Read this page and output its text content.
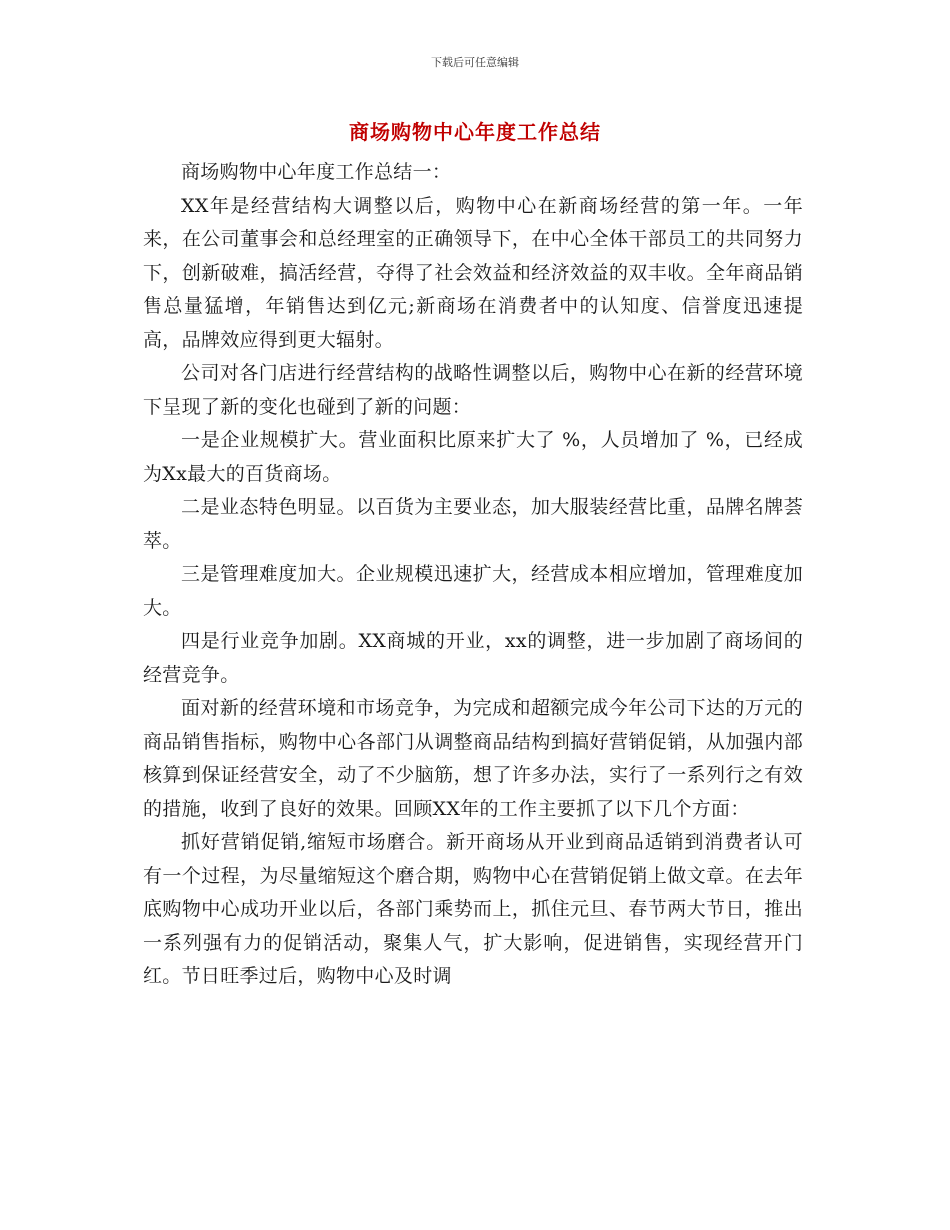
下载后可任意编辑
商场购物中心年度工作总结

商场购物中心年度工作总结一：

XX年是经营结构大调整以后，购物中心在新商场经营的第一年。一年来，在公司董事会和总经理室的正确领导下，在中心全体干部员工的共同努力下，创新破难，搞活经营，夺得了社会效益和经济效益的双丰收。全年商品销售总量猛增，年销售达到亿元;新商场在消费者中的认知度、信誉度迅速提高，品牌效应得到更大辐射。

公司对各门店进行经营结构的战略性调整以后，购物中心在新的经营环境下呈现了新的变化也碰到了新的问题：

一是企业规模扩大。营业面积比原来扩大了 %，人员增加了 %，已经成为Xx最大的百货商场。

二是业态特色明显。以百货为主要业态，加大服装经营比重，品牌名牌荟萃。

三是管理难度加大。企业规模迅速扩大，经营成本相应增加，管理难度加大。

四是行业竞争加剧。XX商城的开业，xx的调整，进一步加剧了商场间的经营竞争。

面对新的经营环境和市场竞争，为完成和超额完成今年公司下达的万元的商品销售指标，购物中心各部门从调整商品结构到搞好营销促销，从加强内部核算到保证经营安全，动了不少脑筋，想了许多办法，实行了一系列行之有效的措施，收到了良好的效果。回顾XX年的工作主要抓了以下几个方面：

抓好营销促销,缩短市场磨合。新开商场从开业到商品适销到消费者认可有一个过程，为尽量缩短这个磨合期，购物中心在营销促销上做文章。在去年底购物中心成功开业以后，各部门乘势而上，抓住元旦、春节两大节日，推出一系列强有力的促销活动，聚集人气，扩大影响，促进销售，实现经营开门红。节日旺季过后，购物中心及时调
